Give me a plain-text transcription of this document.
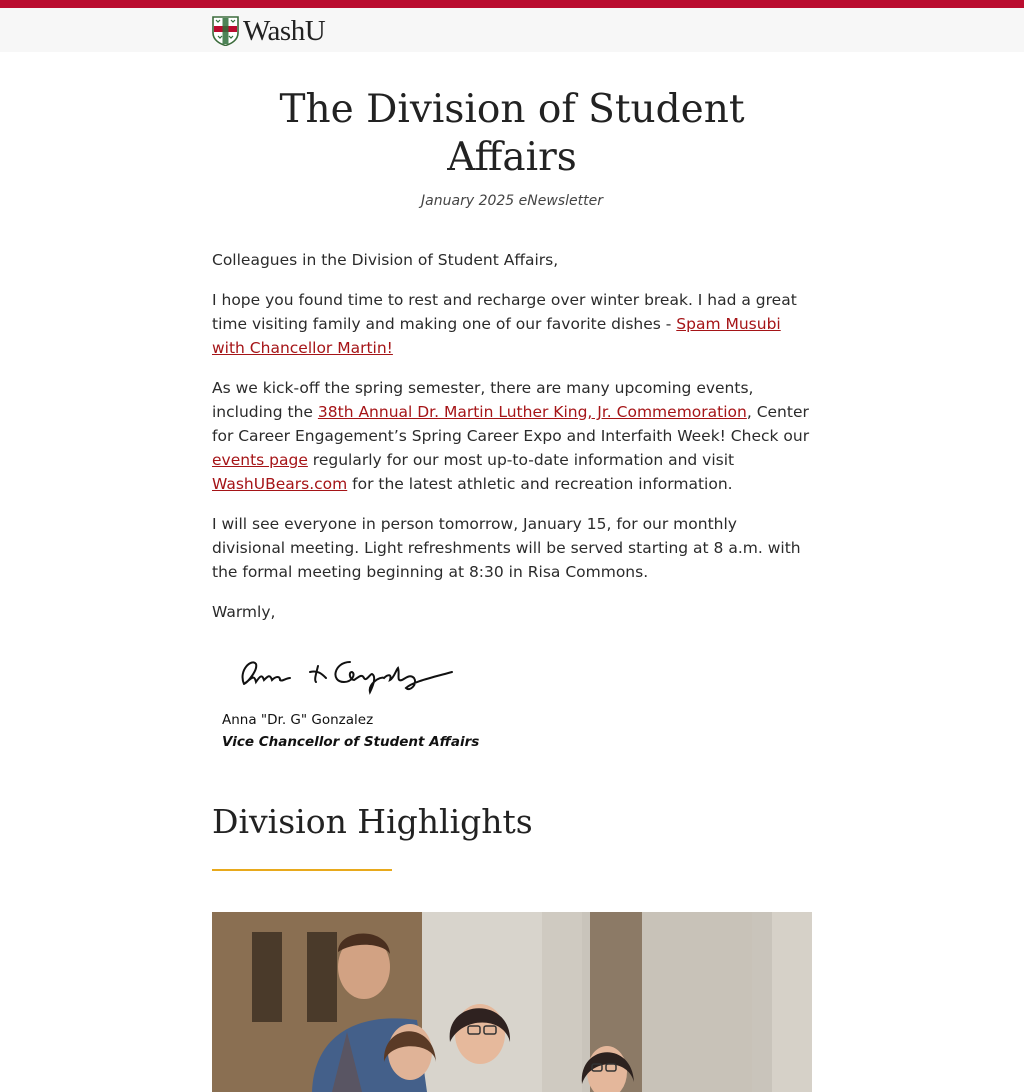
WashU
The Division of Student Affairs
January 2025 eNewsletter

Colleagues in the Division of Student Affairs,

I hope you found time to rest and recharge over winter break. I had a great time visiting family and making one of our favorite dishes - Spam Musubi with Chancellor Martin!

As we kick-off the spring semester, there are many upcoming events, including the 38th Annual Dr. Martin Luther King, Jr. Commemoration, Center for Career Engagement’s Spring Career Expo and Interfaith Week! Check our events page regularly for our most up-to-date information and visit WashUBears.com for the latest athletic and recreation information.

I will see everyone in person tomorrow, January 15, for our monthly divisional meeting. Light refreshments will be served starting at 8 a.m. with the formal meeting beginning at 8:30 in Risa Commons.

Warmly,

Anna "Dr. G" Gonzalez
Vice Chancellor of Student Affairs
Division Highlights
